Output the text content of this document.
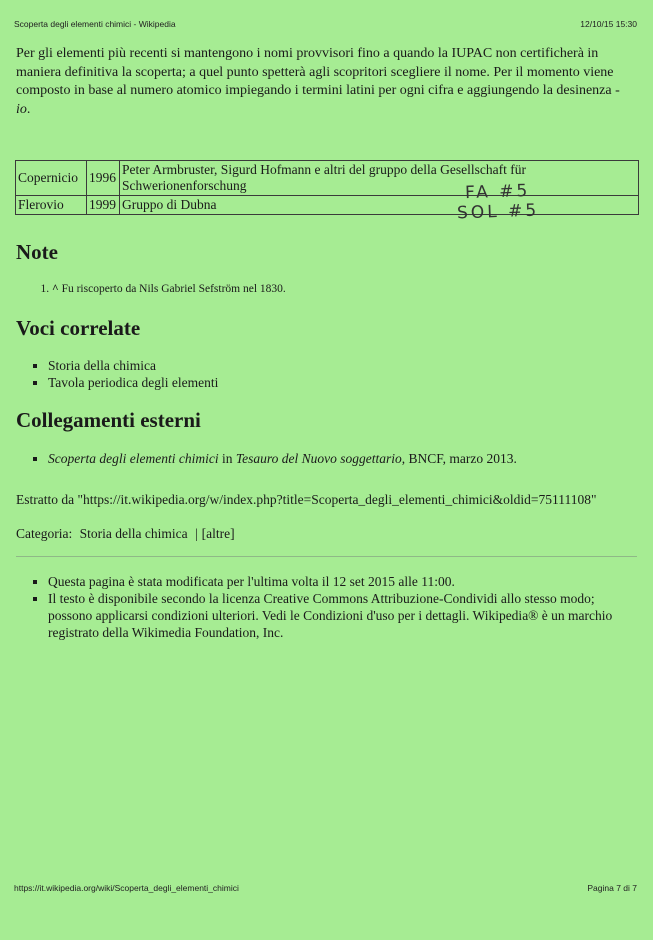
Scoperta degli elementi chimici - Wikipedia	12/10/15 15:30

Per gli elementi più recenti si mantengono i nomi provvisori fino a quando la IUPAC non certificherà in maniera definitiva la scoperta; a quel punto spetterà agli scopritori scegliere il nome. Per il momento viene composto in base al numero atomico impiegando i termini latini per ogni cifra e aggiungendo la desinenza - io.

Copernicio	1996	Peter Armbruster, Sigurd Hofmann e altri del gruppo della Gesellschaft für Schwerionenforschung
Flerovio	1999	Gruppo di Dubna
FA #5
SOL #5
Note
1. ^ Fu riscoperto da Nils Gabriel Sefström nel 1830.
Voci correlate
▪ Storia della chimica
▪ Tavola periodica degli elementi
Collegamenti esterni
▪ Scoperta degli elementi chimici in Tesauro del Nuovo soggettario, BNCF, marzo 2013.
Estratto da "https://it.wikipedia.org/w/index.php?title=Scoperta_degli_elementi_chimici&oldid=75111108"
Categoria: Storia della chimica | [altre]
▪ Questa pagina è stata modificata per l'ultima volta il 12 set 2015 alle 11:00.
▪ Il testo è disponibile secondo la licenza Creative Commons Attribuzione-Condividi allo stesso modo; possono applicarsi condizioni ulteriori. Vedi le Condizioni d'uso per i dettagli. Wikipedia® è un marchio registrato della Wikimedia Foundation, Inc.
https://it.wikipedia.org/wiki/Scoperta_degli_elementi_chimici	Pagina 7 di 7
